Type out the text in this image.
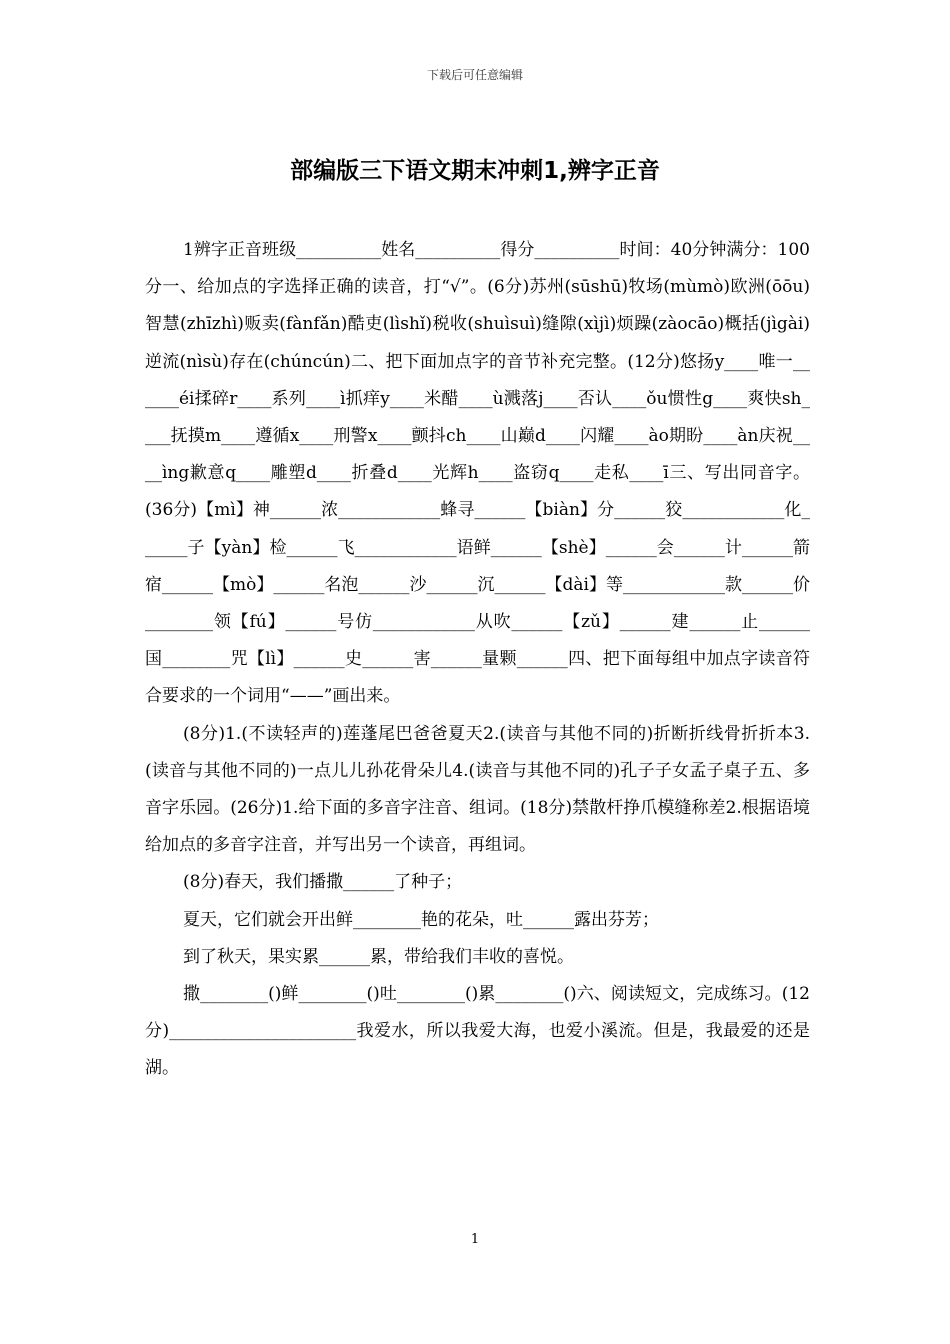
下载后可任意编辑
部编版三下语文期末冲刺1,辨字正音

1辨字正音班级__________姓名__________得分__________时间：40分钟满分：100分一、给加点的字选择正确的读音，打“√”。(6分)苏州(sūshū)牧场(mùmò)欧洲(ōōu)智慧(zhīzhì)贩卖(fànfǎn)酷吏(lìshǐ)税收(shuìsuì)缝隙(xìjì)烦躁(zàocāo)概括(jìgài)逆流(nìsù)存在(chúncún)二、把下面加点字的音节补充完整。(12分)悠扬y____唯一______éi揉碎r____系列____ì抓痒y____米醋____ù溅落j____否认____ǒu惯性g____爽快sh____抚摸m____遵循x____刑警x____颤抖ch____山巅d____闪耀____ào期盼____àn庆祝____ìng歉意q____雕塑d____折叠d____光辉h____盗窃q____走私____ī三、写出同音字。(36分)【mì】神______浓____________蜂寻______【biàn】分______狡____________化______子【yàn】检______飞____________语鲜______【shè】______会______计______箭宿______【mò】______名泡______沙______沉______【dài】等____________款______价________领【fú】______号仿____________从吹______【zǔ】______建______止______国________咒【lì】______史______害______量颗______四、把下面每组中加点字读音符合要求的一个词用“——”画出来。

(8分)1.(不读轻声的)莲蓬尾巴爸爸夏天2.(读音与其他不同的)折断折线骨折折本3.(读音与其他不同的)一点儿儿孙花骨朵儿4.(读音与其他不同的)孔子子女孟子桌子五、多音字乐园。(26分)1.给下面的多音字注音、组词。(18分)禁散杆挣爪模缝称差2.根据语境给加点的多音字注音，并写出另一个读音，再组词。

(8分)春天，我们播撒______了种子；

夏天，它们就会开出鲜________艳的花朵，吐______露出芬芳；

到了秋天，果实累______累，带给我们丰收的喜悦。

撒________()鲜________()吐________()累________()六、阅读短文，完成练习。(12分)______________________我爱水，所以我爱大海，也爱小溪流。但是，我最爱的还是湖。

1
